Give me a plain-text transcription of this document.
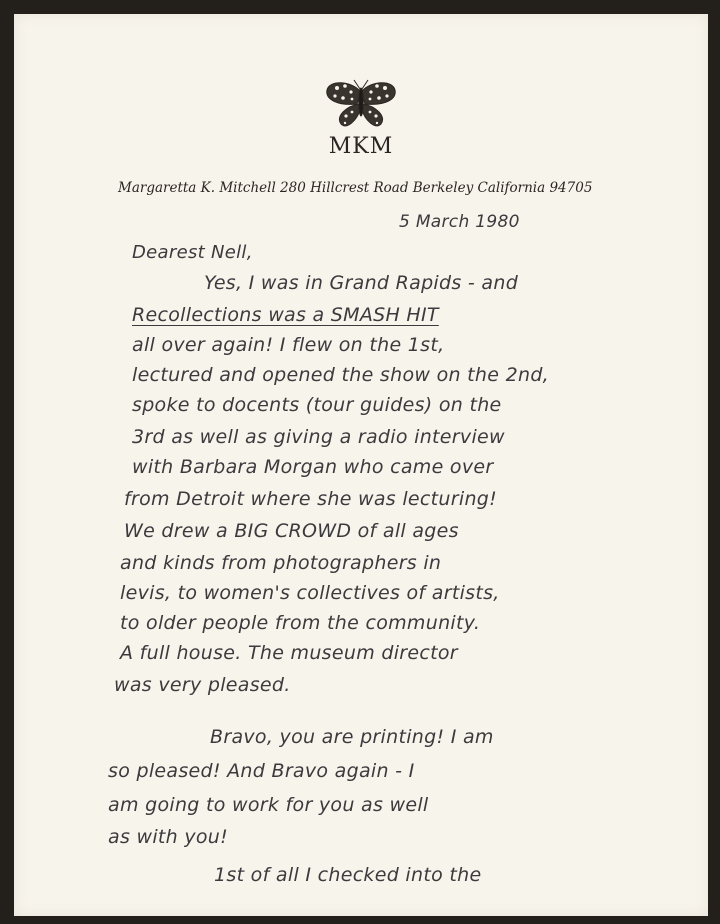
MKM
Margaretta K. Mitchell 280 Hillcrest Road Berkeley California 94705
5 March 1980
Dearest Nell,
Yes, I was in Grand Rapids - and
Recollections was a SMASH HIT
all over again! I flew on the 1st,
lectured and opened the show on the 2nd,
spoke to docents (tour guides) on the
3rd as well as giving a radio interview
with Barbara Morgan who came over
from Detroit where she was lecturing!
We drew a BIG CROWD of all ages
and kinds from photographers in
levis, to women's collectives of artists,
to older people from the community.
A full house. The museum director
was very pleased.
Bravo, you are printing! I am
so pleased! And Bravo again - I
am going to work for you as well
as with you!
1st of all I checked into the
